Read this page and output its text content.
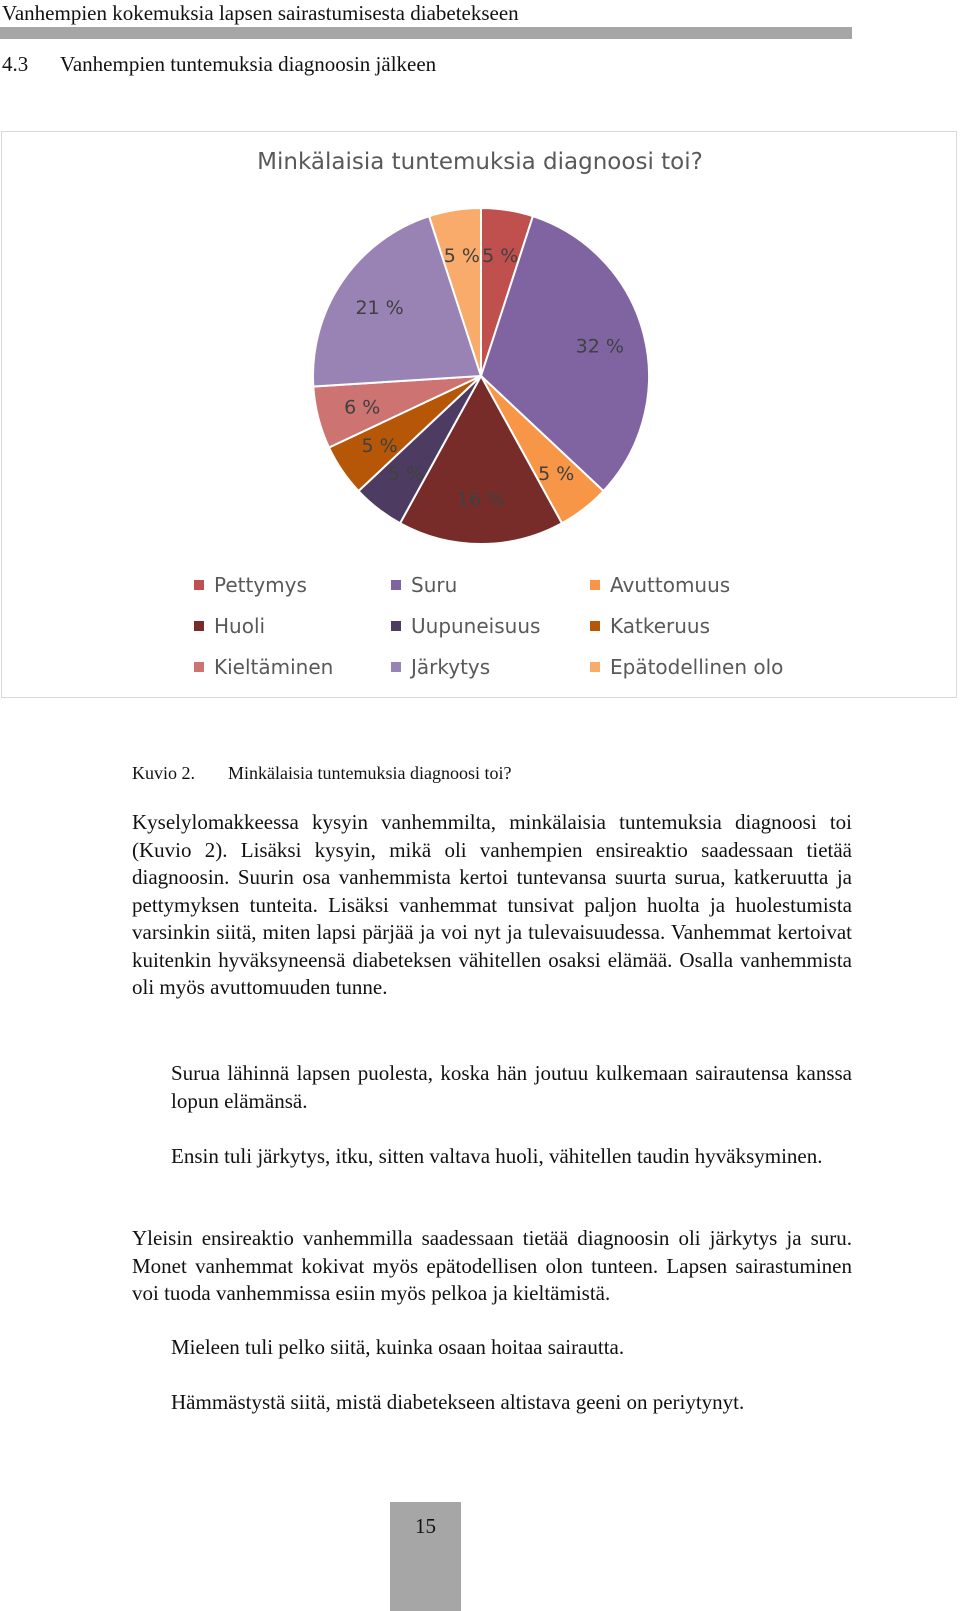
Vanhempien kokemuksia lapsen sairastumisesta diabetekseen
4.3 Vanhempien tuntemuksia diagnoosin jälkeen
Minkälaisia tuntemuksia diagnoosi toi?
5 %
32 %
5 %
16 %
5 %
5 %
6 %
21 %
5 %
Pettymys	Suru	Avuttomuus
Huoli	Uupuneisuus	Katkeruus
Kieltäminen	Järkytys	Epätodellinen olo
Kuvio 2. Minkälaisia tuntemuksia diagnoosi toi?

Kyselylomakkeessa kysyin vanhemmilta, minkälaisia tuntemuksia diagnoosi toi (Kuvio 2). Lisäksi kysyin, mikä oli vanhempien ensireaktio saadessaan tietää diagnoosin. Suurin osa vanhemmista kertoi tuntevansa suurta surua, katkeruutta ja pettymyksen tunteita. Lisäksi vanhemmat tunsivat paljon huolta ja huolestumista varsinkin siitä, miten lapsi pärjää ja voi nyt ja tulevaisuudessa. Vanhemmat kertoivat kuitenkin hyväksyneensä diabeteksen vähitellen osaksi elämää. Osalla vanhemmista oli myös avuttomuuden tunne.

Surua lähinnä lapsen puolesta, koska hän joutuu kulkemaan sairautensa kanssa lopun elämänsä.

Ensin tuli järkytys, itku, sitten valtava huoli, vähitellen taudin hyväksyminen.

Yleisin ensireaktio vanhemmilla saadessaan tietää diagnoosin oli järkytys ja suru. Monet vanhemmat kokivat myös epätodellisen olon tunteen. Lapsen sairastuminen voi tuoda vanhemmissa esiin myös pelkoa ja kieltämistä.

Mieleen tuli pelko siitä, kuinka osaan hoitaa sairautta.

Hämmästystä siitä, mistä diabetekseen altistava geeni on periytynyt.

15
